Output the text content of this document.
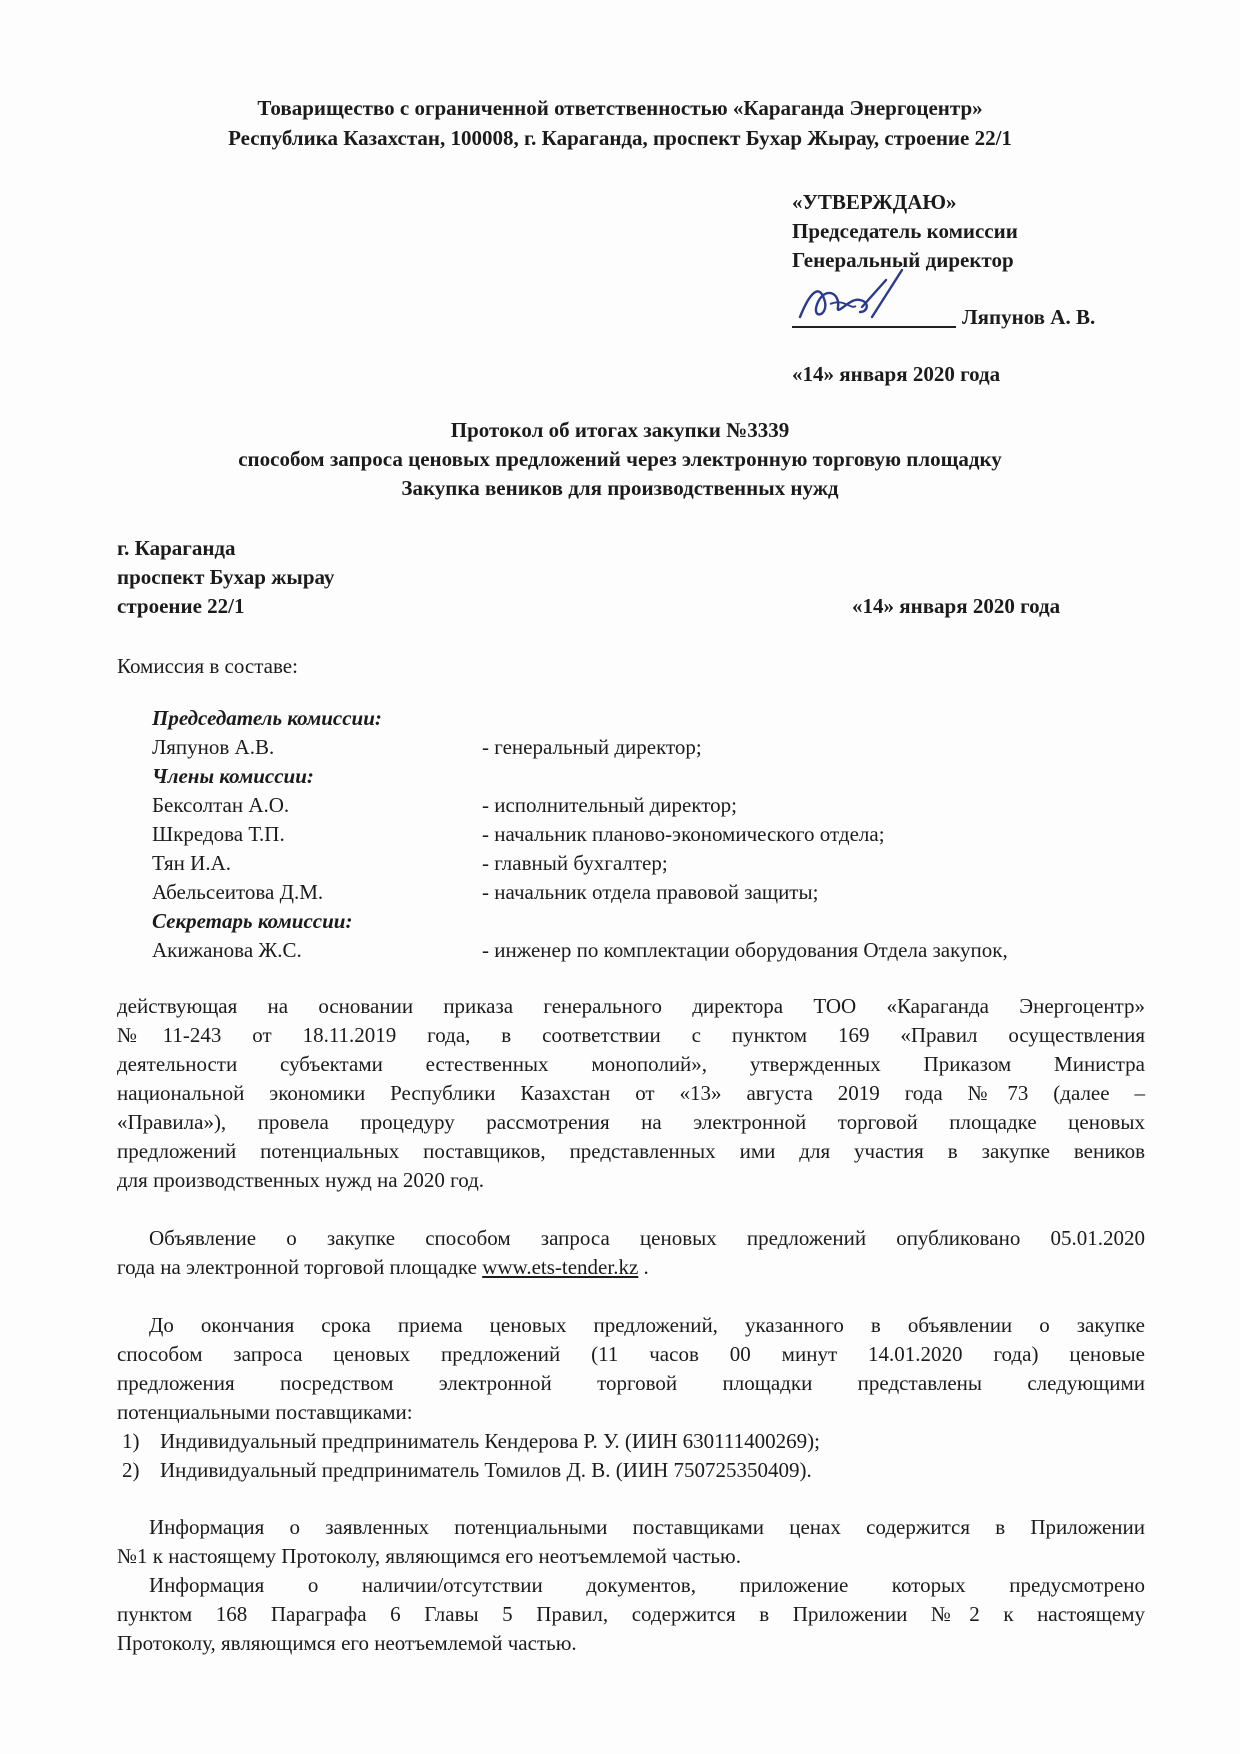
Товарищество с ограниченной ответственностью «Караганда Энергоцентр»
Республика Казахстан, 100008, г. Караганда, проспект Бухар Жырау, строение 22/1
«УТВЕРЖДАЮ»
Председатель комиссии
Генеральный директор
Ляпунов А. В.
«14» января 2020 года
Протокол об итогах закупки №3339
способом запроса ценовых предложений через электронную торговую площадку
Закупка веников для производственных нужд
г. Караганда
проспект Бухар жырау
строение 22/1	«14» января 2020 года
Комиссия в составе:
Председатель комиссии:
Ляпунов А.В.	- генеральный директор;
Члены комиссии:
Бексолтан А.О.	- исполнительный директор;
Шкредова Т.П.	- начальник планово-экономического отдела;
Тян И.А.	- главный бухгалтер;
Абельсеитова Д.М.	- начальник отдела правовой защиты;
Секретарь комиссии:
Акижанова Ж.С.	- инженер по комплектации оборудования Отдела закупок,
действующая на основании приказа генерального директора ТОО «Караганда Энергоцентр»
№11-243 от 18.11.2019 года, в соответствии с пунктом 169 «Правил осуществления
деятельности субъектами естественных монополий», утвержденных Приказом Министра
национальной экономики Республики Казахстан от «13» августа 2019 года №73 (далее –
«Правила»), провела процедуру рассмотрения на электронной торговой площадке ценовых
предложений потенциальных поставщиков, представленных ими для участия в закупке веников
для производственных нужд на 2020 год.
Объявление о закупке способом запроса ценовых предложений опубликовано 05.01.2020
года на электронной торговой площадке www.ets-tender.kz .
До окончания срока приема ценовых предложений, указанного в объявлении о закупке
способом запроса ценовых предложений (11 часов 00 минут 14.01.2020 года) ценовые
предложения посредством электронной торговой площадки представлены следующими
потенциальными поставщиками:
1) Индивидуальный предприниматель Кендерова Р. У. (ИИН 630111400269);
2) Индивидуальный предприниматель Томилов Д. В. (ИИН 750725350409).
Информация о заявленных потенциальными поставщиками ценах содержится в Приложении
№1 к настоящему Протоколу, являющимся его неотъемлемой частью.
Информация о наличии/отсутствии документов, приложение которых предусмотрено
пунктом 168 Параграфа 6 Главы 5 Правил, содержится в Приложении №2 к настоящему
Протоколу, являющимся его неотъемлемой частью.
